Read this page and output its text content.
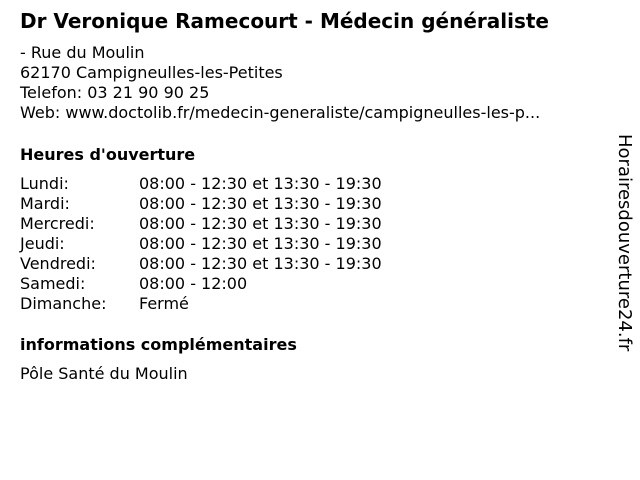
Dr Veronique Ramecourt - Médecin généraliste
- Rue du Moulin
62170 Campigneulles-les-Petites
Telefon: 03 21 90 90 25
Web: www.doctolib.fr/medecin-generaliste/campigneulles-les-p...
Heures d'ouverture
Lundi:	08:00 - 12:30 et 13:30 - 19:30
Mardi:	08:00 - 12:30 et 13:30 - 19:30
Mercredi:	08:00 - 12:30 et 13:30 - 19:30
Jeudi:	08:00 - 12:30 et 13:30 - 19:30
Vendredi:	08:00 - 12:30 et 13:30 - 19:30
Samedi:	08:00 - 12:00
Dimanche: Fermé
informations complémentaires
Pôle Santé du Moulin
Horairesdouverture24.fr
